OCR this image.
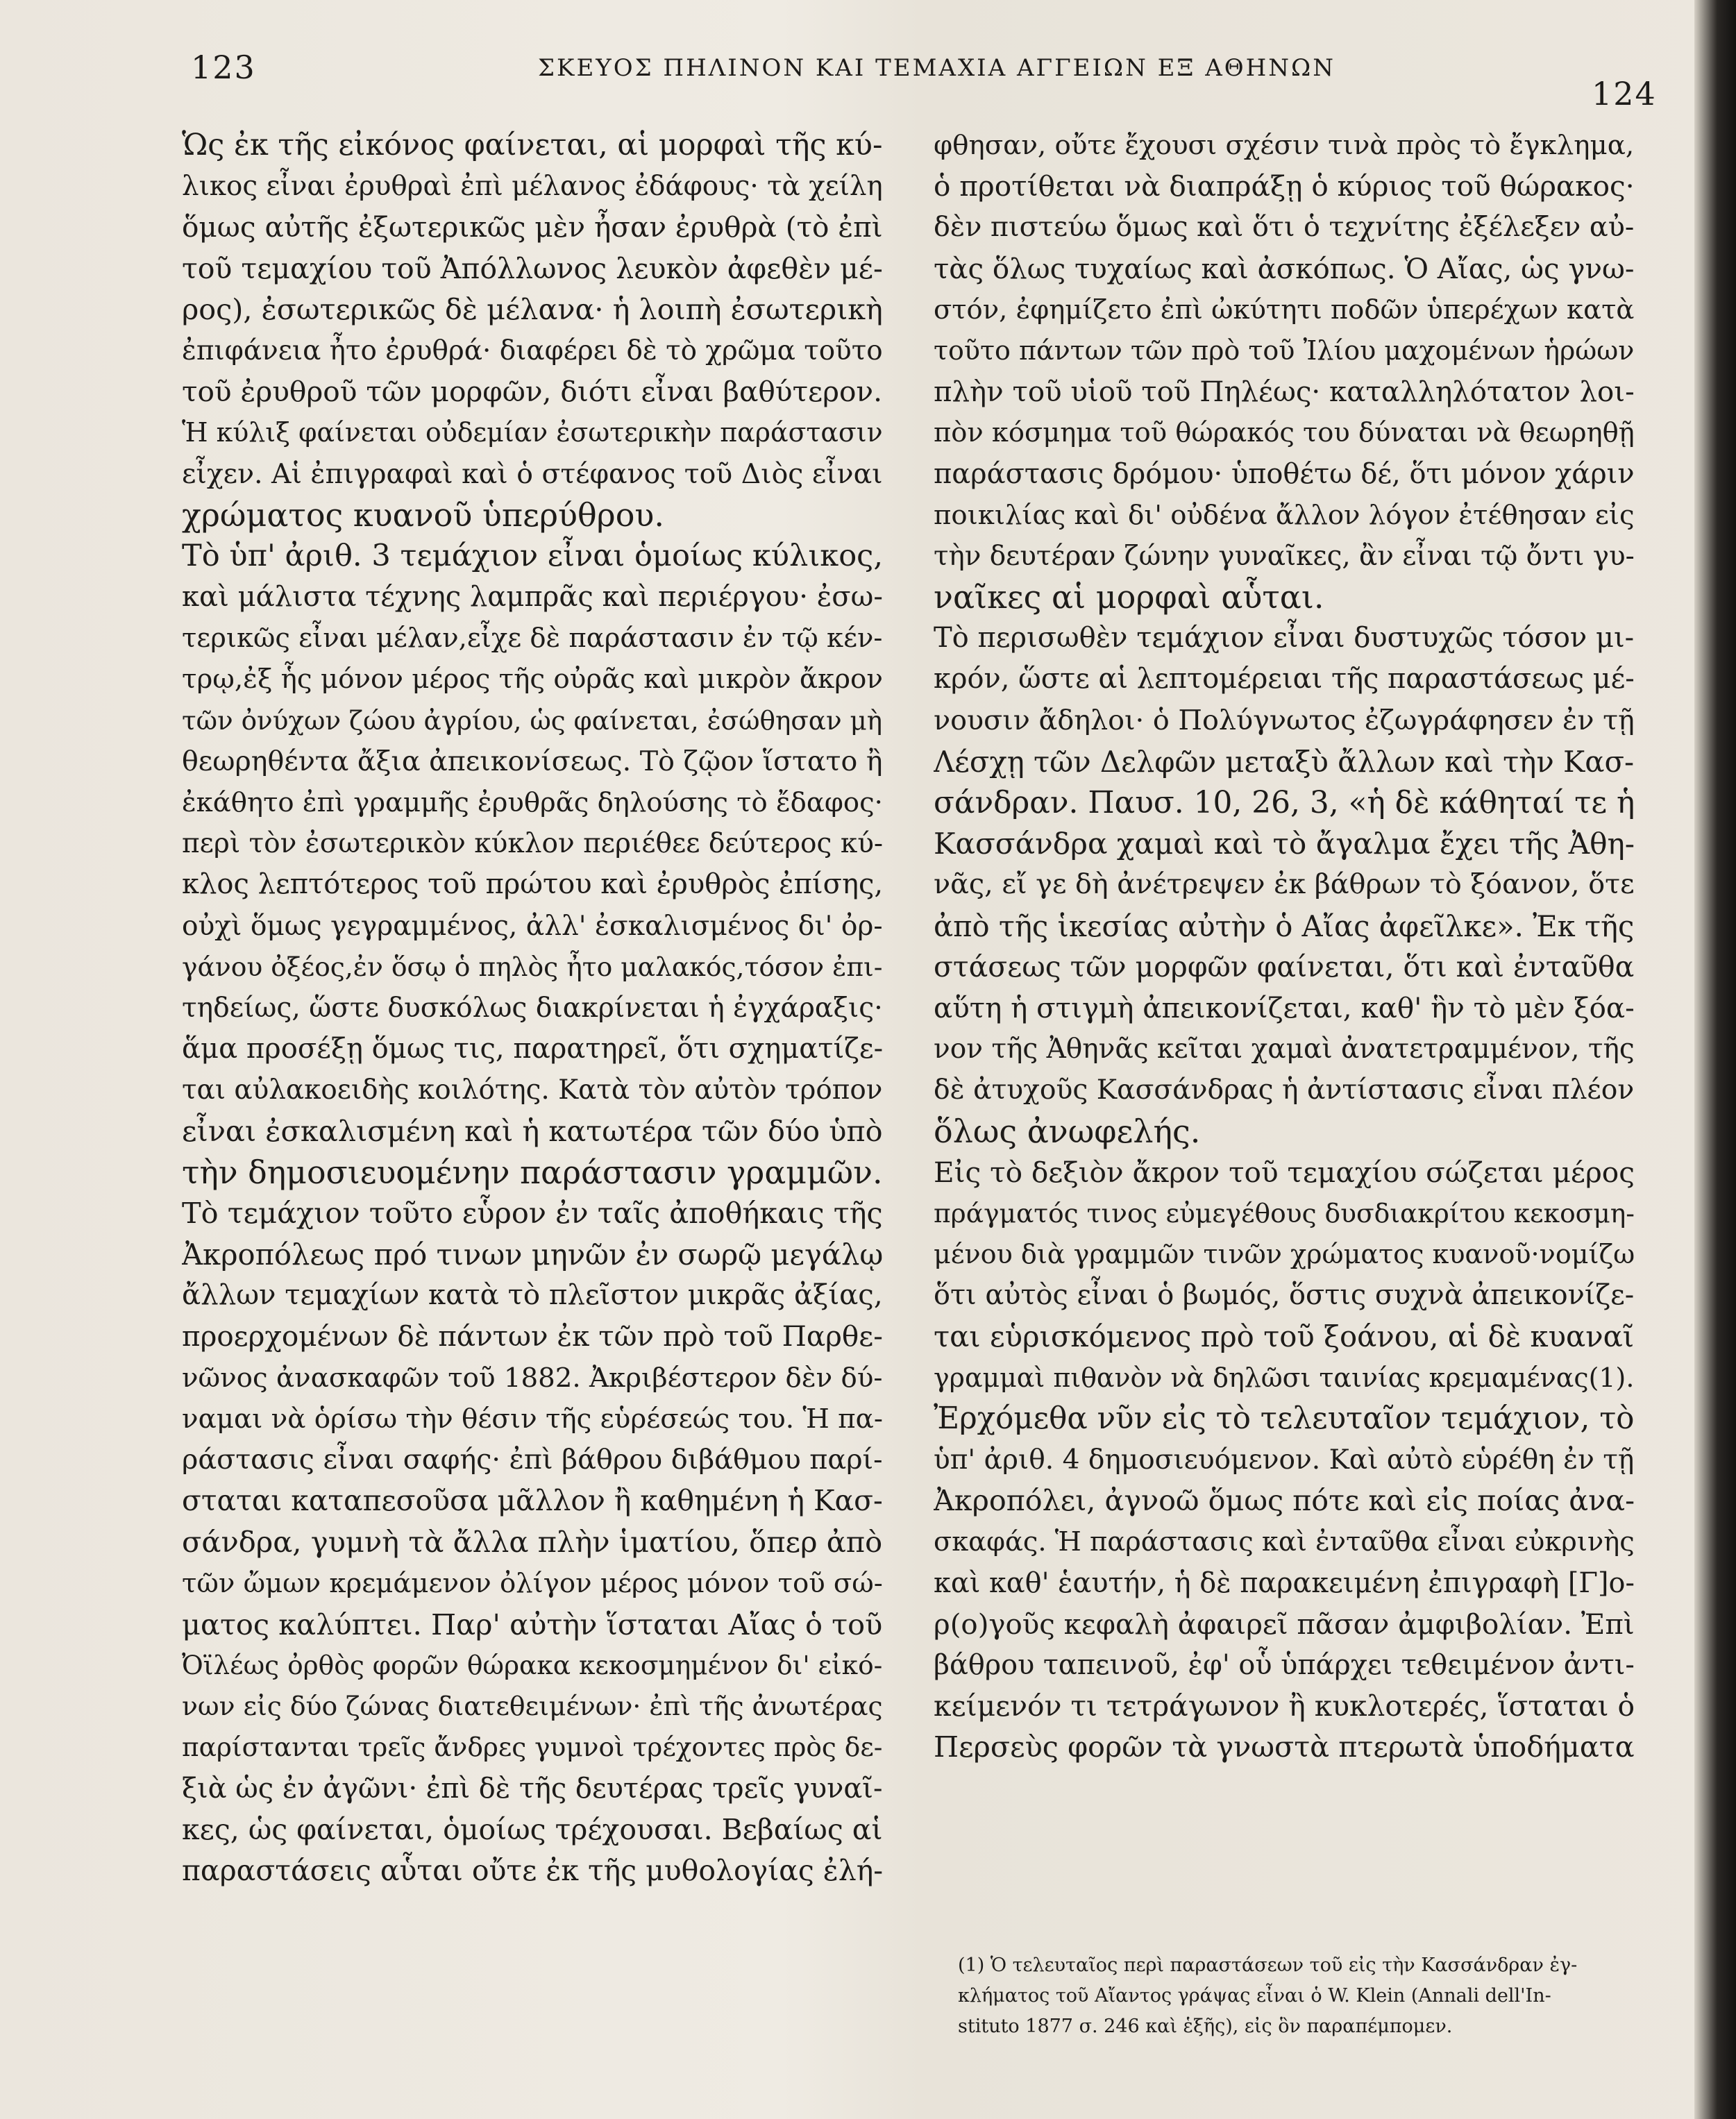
123	ΣΚΕΥΟΣ ΠΗΛΙΝΟΝ ΚΑΙ ΤΕΜΑΧΙΑ ΑΓΓΕΙΩΝ ΕΞ ΑΘΗΝΩΝ
124
Ὡς ἐκ τῆς εἰκόνος φαίνεται, αἱ μορφαὶ τῆς κύ-
λικος εἶναι ἐρυθραὶ ἐπὶ μέλανος ἐδάφους· τὰ χείλη
ὅμως αὐτῆς ἐξωτερικῶς μὲν ἦσαν ἐρυθρὰ (τὸ ἐπὶ
τοῦ τεμαχίου τοῦ Ἀπόλλωνος λευκὸν ἀφεθὲν μέ-
ρος), ἐσωτερικῶς δὲ μέλανα· ἡ λοιπὴ ἐσωτερικὴ
ἐπιφάνεια ἦτο ἐρυθρά· διαφέρει δὲ τὸ χρῶμα τοῦτο
τοῦ ἐρυθροῦ τῶν μορφῶν, διότι εἶναι βαθύτερον.
Ἡ κύλιξ φαίνεται οὐδεμίαν ἐσωτερικὴν παράστασιν
εἶχεν. Αἱ ἐπιγραφαὶ καὶ ὁ στέφανος τοῦ Διὸς εἶναι
χρώματος κυανοῦ ὑπερύθρου.
Τὸ ὑπ' ἀριθ. 3 τεμάχιον εἶναι ὁμοίως κύλικος,
καὶ μάλιστα τέχνης λαμπρᾶς καὶ περιέργου· ἐσω-
τερικῶς εἶναι μέλαν,εἶχε δὲ παράστασιν ἐν τῷ κέν-
τρῳ,ἐξ ἧς μόνον μέρος τῆς οὐρᾶς καὶ μικρὸν ἄκρον
τῶν ὀνύχων ζώου ἀγρίου, ὡς φαίνεται, ἐσώθησαν μὴ
θεωρηθέντα ἄξια ἀπεικονίσεως. Τὸ ζῷον ἵστατο ἢ
ἐκάθητο ἐπὶ γραμμῆς ἐρυθρᾶς δηλούσης τὸ ἔδαφος·
περὶ τὸν ἐσωτερικὸν κύκλον περιέθεε δεύτερος κύ-
κλος λεπτότερος τοῦ πρώτου καὶ ἐρυθρὸς ἐπίσης,
οὐχὶ ὅμως γεγραμμένος, ἀλλ' ἐσκαλισμένος δι' ὀρ-
γάνου ὀξέος,ἐν ὅσῳ ὁ πηλὸς ἦτο μαλακός,τόσον ἐπι-
τηδείως, ὥστε δυσκόλως διακρίνεται ἡ ἐγχάραξις·
ἅμα προσέξῃ ὅμως τις, παρατηρεῖ, ὅτι σχηματίζε-
ται αὐλακοειδὴς κοιλότης. Κατὰ τὸν αὐτὸν τρόπον
εἶναι ἐσκαλισμένη καὶ ἡ κατωτέρα τῶν δύο ὑπὸ
τὴν δημοσιευομένην παράστασιν γραμμῶν.
Τὸ τεμάχιον τοῦτο εὗρον ἐν ταῖς ἀποθήκαις τῆς
Ἀκροπόλεως πρό τινων μηνῶν ἐν σωρῷ μεγάλῳ
ἄλλων τεμαχίων κατὰ τὸ πλεῖστον μικρᾶς ἀξίας,
προερχομένων δὲ πάντων ἐκ τῶν πρὸ τοῦ Παρθε-
νῶνος ἀνασκαφῶν τοῦ 1882. Ἀκριβέστερον δὲν δύ-
ναμαι νὰ ὁρίσω τὴν θέσιν τῆς εὑρέσεώς του. Ἡ πα-
ράστασις εἶναι σαφής· ἐπὶ βάθρου διβάθμου παρί-
σταται καταπεσοῦσα μᾶλλον ἢ καθημένη ἡ Κασ-
σάνδρα, γυμνὴ τὰ ἄλλα πλὴν ἱματίου, ὅπερ ἀπὸ
τῶν ὤμων κρεμάμενον ὀλίγον μέρος μόνον τοῦ σώ-
ματος καλύπτει. Παρ' αὐτὴν ἵσταται Αἴας ὁ τοῦ
Ὀϊλέως ὀρθὸς φορῶν θώρακα κεκοσμημένον δι' εἰκό-
νων εἰς δύο ζώνας διατεθειμένων· ἐπὶ τῆς ἀνωτέρας
παρίστανται τρεῖς ἄνδρες γυμνοὶ τρέχοντες πρὸς δε-
ξιὰ ὡς ἐν ἀγῶνι· ἐπὶ δὲ τῆς δευτέρας τρεῖς γυναῖ-
κες, ὡς φαίνεται, ὁμοίως τρέχουσαι. Βεβαίως αἱ
παραστάσεις αὗται οὔτε ἐκ τῆς μυθολογίας ἐλή-
φθησαν, οὔτε ἔχουσι σχέσιν τινὰ πρὸς τὸ ἔγκλημα,
ὁ προτίθεται νὰ διαπράξῃ ὁ κύριος τοῦ θώρακος·
δὲν πιστεύω ὅμως καὶ ὅτι ὁ τεχνίτης ἐξέλεξεν αὐ-
τὰς ὅλως τυχαίως καὶ ἀσκόπως. Ὁ Αἴας, ὡς γνω-
στόν, ἐφημίζετο ἐπὶ ὠκύτητι ποδῶν ὑπερέχων κατὰ
τοῦτο πάντων τῶν πρὸ τοῦ Ἰλίου μαχομένων ἡρώων
πλὴν τοῦ υἱοῦ τοῦ Πηλέως· καταλληλότατον λοι-
πὸν κόσμημα τοῦ θώρακός του δύναται νὰ θεωρηθῇ
παράστασις δρόμου· ὑποθέτω δέ, ὅτι μόνον χάριν
ποικιλίας καὶ δι' οὐδένα ἄλλον λόγον ἐτέθησαν εἰς
τὴν δευτέραν ζώνην γυναῖκες, ἂν εἶναι τῷ ὄντι γυ-
ναῖκες αἱ μορφαὶ αὗται.
Τὸ περισωθὲν τεμάχιον εἶναι δυστυχῶς τόσον μι-
κρόν, ὥστε αἱ λεπτομέρειαι τῆς παραστάσεως μέ-
νουσιν ἄδηλοι· ὁ Πολύγνωτος ἐζωγράφησεν ἐν τῇ
Λέσχῃ τῶν Δελφῶν μεταξὺ ἄλλων καὶ τὴν Κασ-
σάνδραν. Παυσ. 10, 26, 3, «ἡ δὲ κάθηταί τε ἡ
Κασσάνδρα χαμαὶ καὶ τὸ ἄγαλμα ἔχει τῆς Ἀθη-
νᾶς, εἴ γε δὴ ἀνέτρεψεν ἐκ βάθρων τὸ ξόανον, ὅτε
ἀπὸ τῆς ἱκεσίας αὐτὴν ὁ Αἴας ἀφεῖλκε». Ἐκ τῆς
στάσεως τῶν μορφῶν φαίνεται, ὅτι καὶ ἐνταῦθα
αὕτη ἡ στιγμὴ ἀπεικονίζεται, καθ' ἣν τὸ μὲν ξόα-
νον τῆς Ἀθηνᾶς κεῖται χαμαὶ ἀνατετραμμένον, τῆς
δὲ ἀτυχοῦς Κασσάνδρας ἡ ἀντίστασις εἶναι πλέον
ὅλως ἀνωφελής.
Εἰς τὸ δεξιὸν ἄκρον τοῦ τεμαχίου σώζεται μέρος
πράγματός τινος εὐμεγέθους δυσδιακρίτου κεκοσμη-
μένου διὰ γραμμῶν τινῶν χρώματος κυανοῦ·νομίζω
ὅτι αὐτὸς εἶναι ὁ βωμός, ὅστις συχνὰ ἀπεικονίζε-
ται εὑρισκόμενος πρὸ τοῦ ξοάνου, αἱ δὲ κυαναῖ
γραμμαὶ πιθανὸν νὰ δηλῶσι ταινίας κρεμαμένας(1).
Ἐρχόμεθα νῦν εἰς τὸ τελευταῖον τεμάχιον, τὸ
ὑπ' ἀριθ. 4 δημοσιευόμενον. Καὶ αὐτὸ εὑρέθη ἐν τῇ
Ἀκροπόλει, ἀγνοῶ ὅμως πότε καὶ εἰς ποίας ἀνα-
σκαφάς. Ἡ παράστασις καὶ ἐνταῦθα εἶναι εὐκρινὴς
καὶ καθ' ἑαυτήν, ἡ δὲ παρακειμένη ἐπιγραφὴ [Γ]ο-
ρ(ο)γοῦς κεφαλὴ ἀφαιρεῖ πᾶσαν ἀμφιβολίαν. Ἐπὶ
βάθρου ταπεινοῦ, ἐφ' οὗ ὑπάρχει τεθειμένον ἀντι-
κείμενόν τι τετράγωνον ἢ κυκλοτερές, ἵσταται ὁ
Περσεὺς φορῶν τὰ γνωστὰ πτερωτὰ ὑποδήματα
(1) Ὁ τελευταῖος περὶ παραστάσεων τοῦ εἰς τὴν Κασσάνδραν ἐγ-
κλήματος τοῦ Αἴαντος γράψας εἶναι ὁ W. Klein (Annali dell'In-
stituto 1877 σ. 246 καὶ ἑξῆς), εἰς ὃν παραπέμπομεν.
